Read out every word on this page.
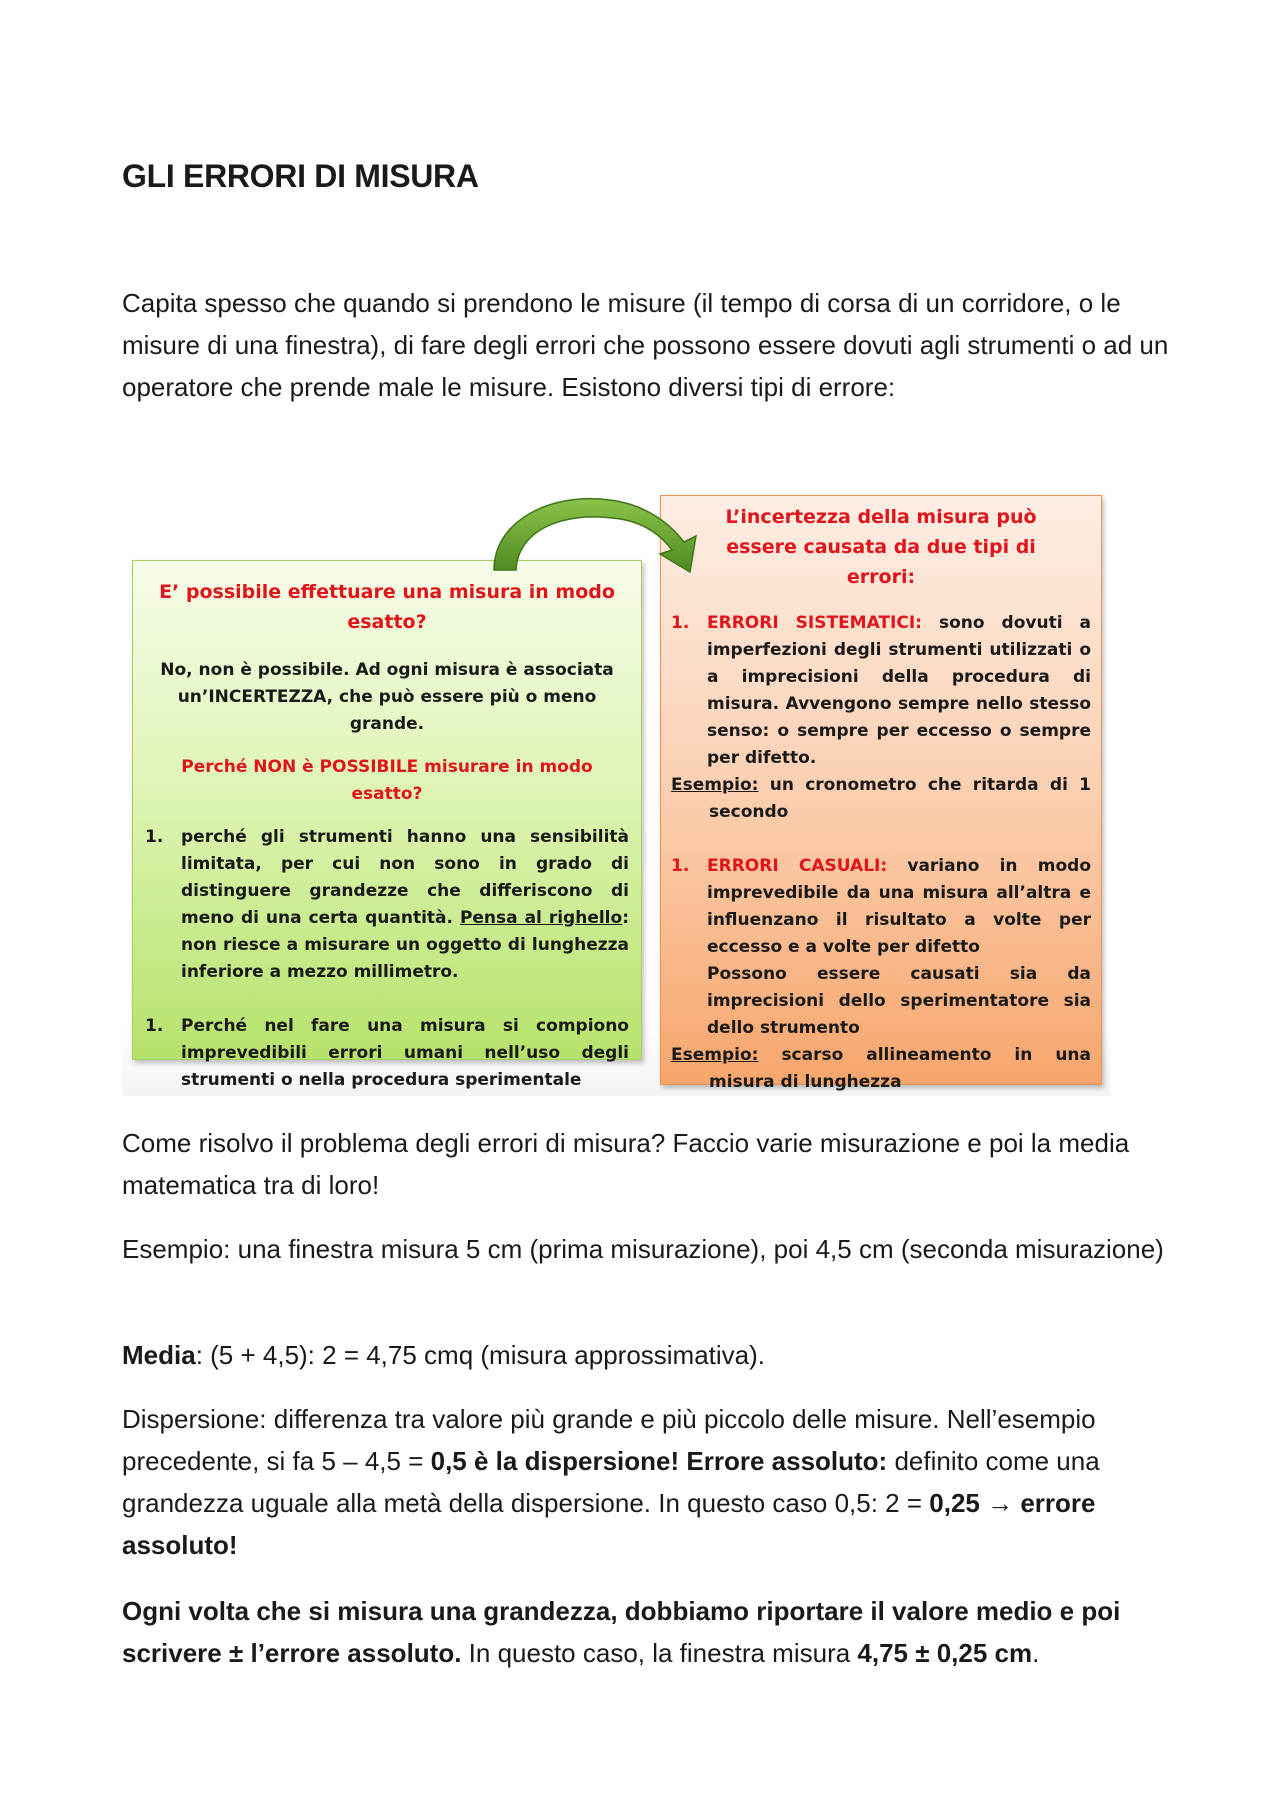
GLI ERRORI DI MISURA
Capita spesso che quando si prendono le misure (il tempo di corsa di un corridore, o le misure di una finestra), di fare degli errori che possono essere dovuti agli strumenti o ad un operatore che prende male le misure. Esistono diversi tipi di errore:
E’ possibile effettuare una misura in modo esatto?
No, non è possibile. Ad ogni misura è associata un’INCERTEZZA, che può essere più o meno grande.
Perché NON è POSSIBILE misurare in modo esatto?
1.	perché gli strumenti hanno una sensibilità limitata, per cui non sono in grado di distinguere grandezze che differiscono di meno di una certa quantità. Pensa al righello: non riesce a misurare un oggetto di lunghezza inferiore a mezzo millimetro.
1.	Perché nel fare una misura si compiono imprevedibili errori umani nell’uso degli strumenti o nella procedura sperimentale
L’incertezza della misura può essere causata da due tipi di errori:
1.	ERRORI SISTEMATICI: sono dovuti a imperfezioni degli strumenti utilizzati o a imprecisioni della procedura di misura. Avvengono sempre nello stesso senso: o sempre per eccesso o sempre per difetto.
Esempio: un cronometro che ritarda di 1 secondo
1.	ERRORI CASUALI: variano in modo imprevedibile da una misura all’altra e influenzano il risultato a volte per eccesso e a volte per difetto
Possono essere causati sia da imprecisioni dello sperimentatore sia dello strumento
Esempio: scarso allineamento in una misura di lunghezza
Come risolvo il problema degli errori di misura? Faccio varie misurazione e poi la media matematica tra di loro!
Esempio: una finestra misura 5 cm (prima misurazione), poi 4,5 cm (seconda misurazione)
Media: (5 + 4,5): 2 = 4,75 cmq (misura approssimativa).
Dispersione: differenza tra valore più grande e più piccolo delle misure. Nell’esempio precedente, si fa 5 – 4,5 = 0,5 è la dispersione! Errore assoluto: definito come una grandezza uguale alla metà della dispersione. In questo caso 0,5: 2 = 0,25 → errore assoluto!
Ogni volta che si misura una grandezza, dobbiamo riportare il valore medio e poi scrivere ± l’errore assoluto. In questo caso, la finestra misura 4,75 ± 0,25 cm.
